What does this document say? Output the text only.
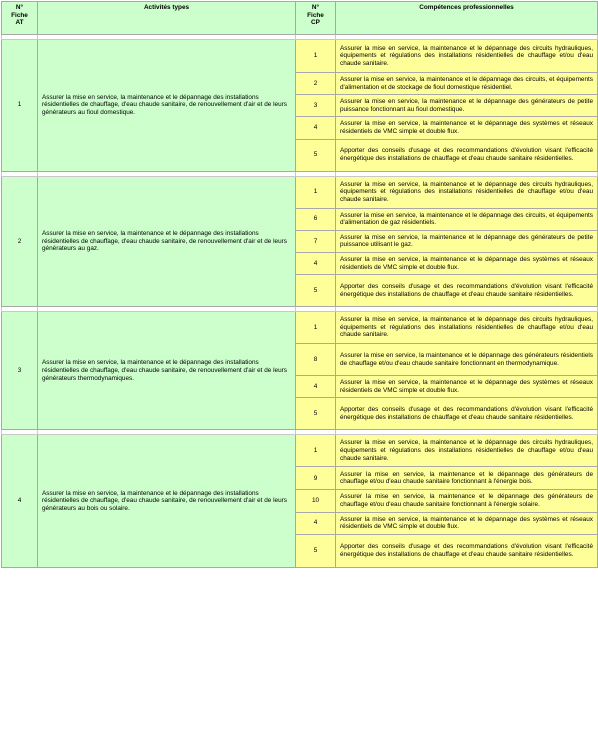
N°
Fiche
AT	Activités types	N°
Fiche
CP	Compétences professionnelles

1	Assurer la mise en service, la maintenance et le dépannage des installations résidentielles de chauffage, d'eau chaude sanitaire, de renouvellement d'air et de leurs générateurs au fioul domestique.	1	Assurer la mise en service, la maintenance et le dépannage des circuits hydrauliques, équipements et régulations des installations résidentielles de chauffage et/ou d'eau chaude sanitaire.
		2	Assurer la mise en service, la maintenance et le dépannage des circuits, et équipements d'alimentation et de stockage de fioul domestique résidentiel.
		3	Assurer la mise en service, la maintenance et le dépannage des générateurs de petite puissance fonctionnant au fioul domestique.
		4	Assurer la mise en service, la maintenance et le dépannage des systèmes et réseaux résidentiels de VMC simple et double flux.
		5	Apporter des conseils d'usage et des recommandations d'évolution visant l'efficacité énergétique des installations de chauffage et d'eau chaude sanitaire résidentielles.

2	Assurer la mise en service, la maintenance et le dépannage des installations résidentielles de chauffage, d'eau chaude sanitaire, de renouvellement d'air et de leurs générateurs au gaz.	1	Assurer la mise en service, la maintenance et le dépannage des circuits hydrauliques, équipements et régulations des installations résidentielles de chauffage et/ou d'eau chaude sanitaire.
		6	Assurer la mise en service, la maintenance et le dépannage des circuits, et équipements d'alimentation de gaz résidentiels.
		7	Assurer la mise en service, la maintenance et le dépannage des générateurs de petite puissance utilisant le gaz.
		4	Assurer la mise en service, la maintenance et le dépannage des systèmes et réseaux résidentiels de VMC simple et double flux.
		5	Apporter des conseils d'usage et des recommandations d'évolution visant l'efficacité énergétique des installations de chauffage et d'eau chaude sanitaire résidentielles.

3	Assurer la mise en service, la maintenance et le dépannage des installations résidentielles de chauffage, d'eau chaude sanitaire, de renouvellement d'air et de leurs générateurs thermodynamiques.	1	Assurer la mise en service, la maintenance et le dépannage des circuits hydrauliques, équipements et régulations des installations résidentielles de chauffage et/ou d'eau chaude sanitaire.
		8	Assurer la mise en service, la maintenance et le dépannage des générateurs résidentiels de chauffage et/ou d'eau chaude sanitaire fonctionnant en thermodynamique.
		4	Assurer la mise en service, la maintenance et le dépannage des systèmes et réseaux résidentiels de VMC simple et double flux.
		5	Apporter des conseils d'usage et des recommandations d'évolution visant l'efficacité énergétique des installations de chauffage et d'eau chaude sanitaire résidentielles.

4	Assurer la mise en service, la maintenance et le dépannage des installations résidentielles de chauffage, d'eau chaude sanitaire, de renouvellement d'air et de leurs générateurs au bois ou solaire.	1	Assurer la mise en service, la maintenance et le dépannage des circuits hydrauliques, équipements et régulations des installations résidentielles de chauffage et/ou d'eau chaude sanitaire.
		9	Assurer la mise en service, la maintenance et le dépannage des générateurs de chauffage et/ou d'eau chaude sanitaire fonctionnant à l'énergie bois.
		10	Assurer la mise en service, la maintenance et le dépannage des générateurs de chauffage et/ou d'eau chaude sanitaire fonctionnant à l'énergie solaire.
		4	Assurer la mise en service, la maintenance et le dépannage des systèmes et réseaux résidentiels de VMC simple et double flux.
		5	Apporter des conseils d'usage et des recommandations d'évolution visant l'efficacité énergétique des installations de chauffage et d'eau chaude sanitaire résidentielles.
